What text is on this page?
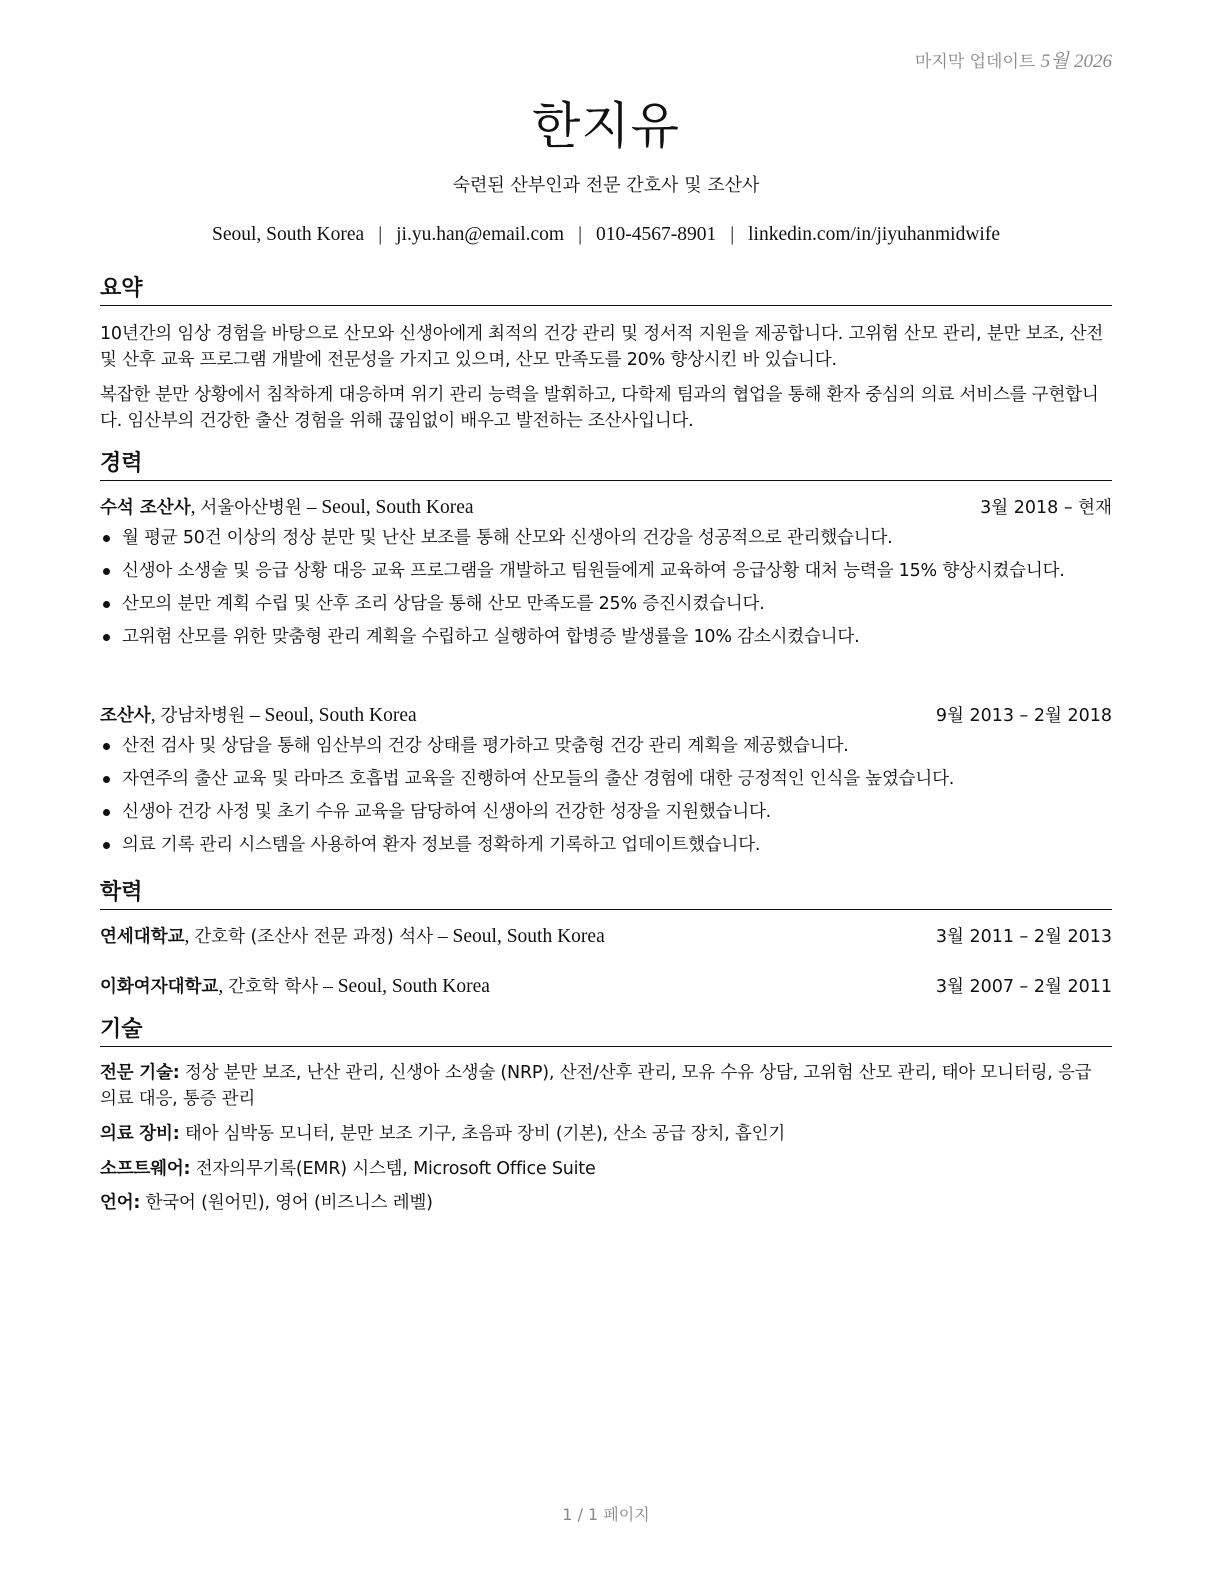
마지막 업데이트 5월 2026
한지유
숙련된 산부인과 전문 간호사 및 조산사
Seoul, South Korea | ji.yu.han@email.com | 010-4567-8901 | linkedin.com/in/jiyuhanmidwife
요약
10년간의 임상 경험을 바탕으로 산모와 신생아에게 최적의 건강 관리 및 정서적 지원을 제공합니다. 고위험 산모 관리, 분만 보조, 산전 및 산후 교육 프로그램 개발에 전문성을 가지고 있으며, 산모 만족도를 20% 향상시킨 바 있습니다.
복잡한 분만 상황에서 침착하게 대응하며 위기 관리 능력을 발휘하고, 다학제 팀과의 협업을 통해 환자 중심의 의료 서비스를 구현합니다. 임산부의 건강한 출산 경험을 위해 끊임없이 배우고 발전하는 조산사입니다.
경력
수석 조산사, 서울아산병원 – Seoul, South Korea	3월 2018 – 현재
월 평균 50건 이상의 정상 분만 및 난산 보조를 통해 산모와 신생아의 건강을 성공적으로 관리했습니다.
신생아 소생술 및 응급 상황 대응 교육 프로그램을 개발하고 팀원들에게 교육하여 응급상황 대처 능력을 15% 향상시켰습니다.
산모의 분만 계획 수립 및 산후 조리 상담을 통해 산모 만족도를 25% 증진시켰습니다.
고위험 산모를 위한 맞춤형 관리 계획을 수립하고 실행하여 합병증 발생률을 10% 감소시켰습니다.
조산사, 강남차병원 – Seoul, South Korea	9월 2013 – 2월 2018
산전 검사 및 상담을 통해 임산부의 건강 상태를 평가하고 맞춤형 건강 관리 계획을 제공했습니다.
자연주의 출산 교육 및 라마즈 호흡법 교육을 진행하여 산모들의 출산 경험에 대한 긍정적인 인식을 높였습니다.
신생아 건강 사정 및 초기 수유 교육을 담당하여 신생아의 건강한 성장을 지원했습니다.
의료 기록 관리 시스템을 사용하여 환자 정보를 정확하게 기록하고 업데이트했습니다.
학력
연세대학교, 간호학 (조산사 전문 과정) 석사 – Seoul, South Korea	3월 2011 – 2월 2013
이화여자대학교, 간호학 학사 – Seoul, South Korea	3월 2007 – 2월 2011
기술
전문 기술: 정상 분만 보조, 난산 관리, 신생아 소생술 (NRP), 산전/산후 관리, 모유 수유 상담, 고위험 산모 관리, 태아 모니터링, 응급 의료 대응, 통증 관리
의료 장비: 태아 심박동 모니터, 분만 보조 기구, 초음파 장비 (기본), 산소 공급 장치, 흡인기
소프트웨어: 전자의무기록(EMR) 시스템, Microsoft Office Suite
언어: 한국어 (원어민), 영어 (비즈니스 레벨)
1 / 1 페이지
